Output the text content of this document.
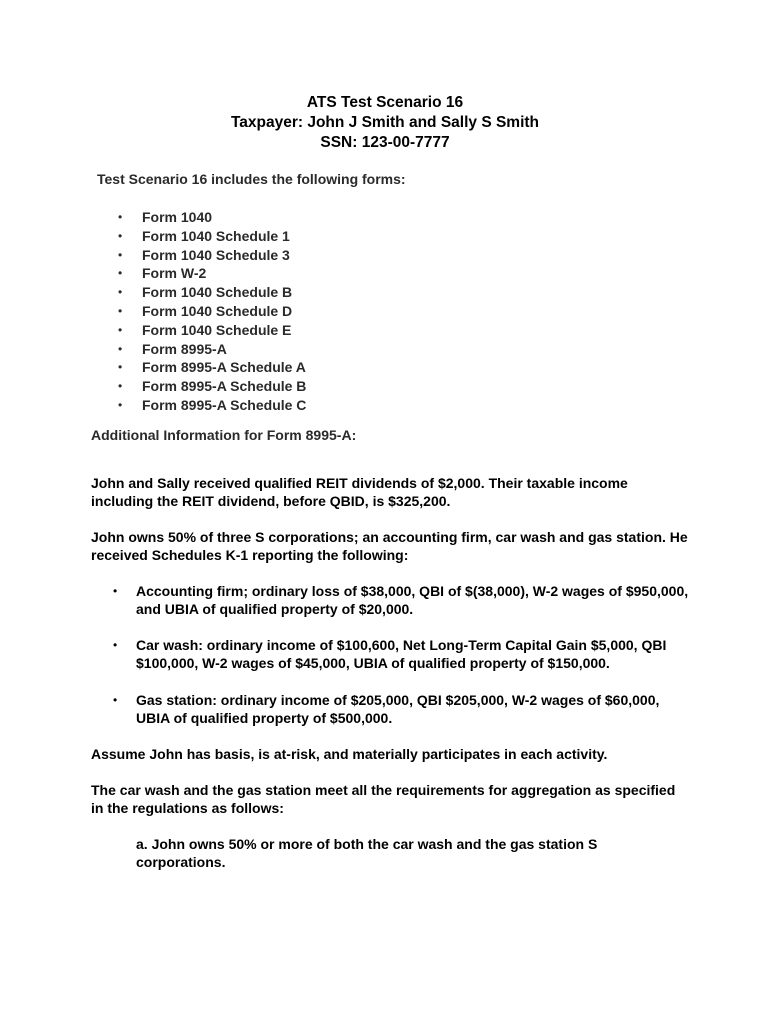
ATS Test Scenario 16
Taxpayer: John J Smith and Sally S Smith
SSN: 123-00-7777
Test Scenario 16 includes the following forms:
• Form 1040
• Form 1040 Schedule 1
• Form 1040 Schedule 3
• Form W-2
• Form 1040 Schedule B
• Form 1040 Schedule D
• Form 1040 Schedule E
• Form 8995-A
• Form 8995-A Schedule A
• Form 8995-A Schedule B
• Form 8995-A Schedule C
Additional Information for Form 8995-A:
John and Sally received qualified REIT dividends of $2,000. Their taxable income including the REIT dividend, before QBID, is $325,200.
John owns 50% of three S corporations; an accounting firm, car wash and gas station. He received Schedules K-1 reporting the following:
• Accounting firm; ordinary loss of $38,000, QBI of $(38,000), W-2 wages of $950,000, and UBIA of qualified property of $20,000.
• Car wash: ordinary income of $100,600, Net Long-Term Capital Gain $5,000, QBI $100,000, W-2 wages of $45,000, UBIA of qualified property of $150,000.
• Gas station: ordinary income of $205,000, QBI $205,000, W-2 wages of $60,000, UBIA of qualified property of $500,000.
Assume John has basis, is at-risk, and materially participates in each activity.
The car wash and the gas station meet all the requirements for aggregation as specified in the regulations as follows:
a. John owns 50% or more of both the car wash and the gas station S corporations.
